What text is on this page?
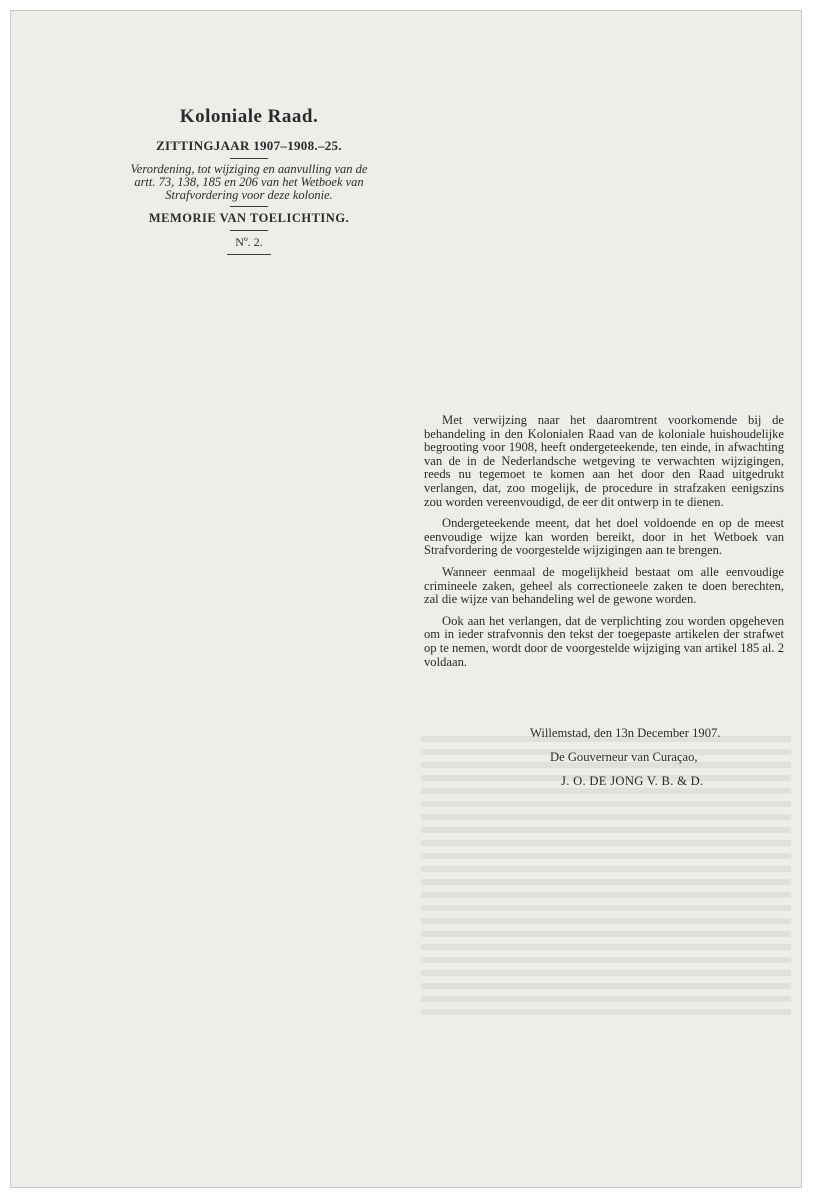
Koloniale Raad.
ZITTINGJAAR 1907–1908.–25.
Verordening, tot wijziging en aanvulling van de artt. 73, 138, 185 en 206 van het Wetboek van Strafvordering voor deze kolonie.
MEMORIE VAN TOELICHTING.
Nº. 2.

Met verwijzing naar het daaromtrent voorkomende bij de behandeling in den Kolonialen Raad van de koloniale huishoudelijke begrooting voor 1908, heeft ondergeteekende, ten einde, in afwachting van de in de Nederlandsche wetgeving te verwachten wijzigingen, reeds nu tegemoet te komen aan het door den Raad uitgedrukt verlangen, dat, zoo mogelijk, de procedure in strafzaken eenigszins zou worden vereenvoudigd, de eer dit ontwerp in te dienen.

Ondergeteekende meent, dat het doel voldoende en op de meest eenvoudige wijze kan worden bereikt, door in het Wetboek van Strafvordering de voorgestelde wijzigingen aan te brengen.

Wanneer eenmaal de mogelijkheid bestaat om alle eenvoudige crimineele zaken, geheel als correctioneele zaken te doen berechten, zal die wijze van behandeling wel de gewone worden.

Ook aan het verlangen, dat de verplichting zou worden opgeheven om in ieder strafvonnis den tekst der toegepaste artikelen der strafwet op te nemen, wordt door de voorgestelde wijziging van artikel 185 al. 2 voldaan.

Willemstad, den 13n December 1907.
De Gouverneur van Curaçao,
J. O. DE JONG V. B. & D.
